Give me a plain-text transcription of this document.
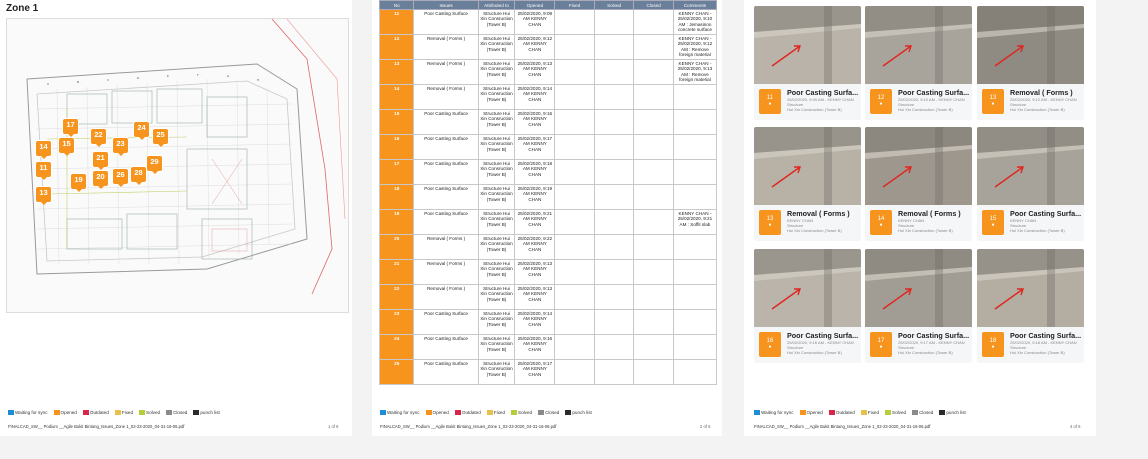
Zone 1
A	B	C	D	E	F	G
H
17
22
23
24
25
14	15
21	29
11
19	20	26	28
13
Waiting for sync	Opened	Outdated	Fixed	Solved	Closed	punch list
FINALCAD_SW__ Podium __Agile Bukit Bintang_Issues_Zone 1_02-23-2020_04-31-16-06.pdf	1 of 6
No	Issues	Attributed to	Opened	Fixed	Solved	Closed	Comments
11	Poor Casting Surface	Structure Hui Xin Consruction (Tower B)	25/02/2020, 9:09 AM KENNY CHAN				KENNY CHAN - 25/02/2020, 9:10 AM : Jemasinon concrete surface
12	Removal ( Forms )	Structure Hui Xin Consruction (Tower B)	25/02/2020, 9:12 AM KENNY CHAN				KENNY CHAN - 25/02/2020, 9:12 AM : Remove foreign material
13	Removal ( Forms )	Structure Hui Xin Consruction (Tower B)	25/02/2020, 9:13 AM KENNY CHAN				KENNY CHAN - 25/02/2020, 9:13 AM : Remove foreign material
14	Removal ( Forms )	Structure Hui Xin Consruction (Tower B)	25/02/2020, 9:14 AM KENNY CHAN				
15	Poor Casting Surface	Structure Hui Xin Consruction (Tower B)	25/02/2020, 9:16 AM KENNY CHAN				
16	Poor Casting Surface	Structure Hui Xin Consruction (Tower B)	25/02/2020, 9:17 AM KENNY CHAN				
17	Poor Casting Surface	Structure Hui Xin Consruction (Tower B)	25/02/2020, 9:18 AM KENNY CHAN				
18	Poor Casting Surface	Structure Hui Xin Consruction (Tower B)	25/02/2020, 9:19 AM KENNY CHAN				
19	Poor Casting Surface	Structure Hui Xin Consruction (Tower B)	25/02/2020, 9:21 AM KENNY CHAN				KENNY CHAN - 25/02/2020, 9:21 AM : Soffit slab
20	Removal ( Forms )	Structure Hui Xin Consruction (Tower B)	25/02/2020, 9:22 AM KENNY CHAN				
21	Removal ( Forms )	Structure Hui Xin Consruction (Tower B)	25/02/2020, 9:13 AM KENNY CHAN				
22	Removal ( Forms )	Structure Hui Xin Consruction (Tower B)	25/02/2020, 9:13 AM KENNY CHAN				
23	Poor Casting Surface	Structure Hui Xin Consruction (Tower B)	25/02/2020, 9:14 AM KENNY CHAN				
24	Poor Casting Surface	Structure Hui Xin Consruction (Tower B)	25/02/2020, 9:16 AM KENNY CHAN				
25	Poor Casting Surface	Structure Hui Xin Consruction (Tower B)	25/02/2020, 9:17 AM KENNY CHAN				
Waiting for sync	Opened	Outdated	Fixed	Solved	Closed	punch list
FINALCAD_SW__ Podium __Agile Bukit Bintang_Issues_Zone 1_02-23-2020_04-31-16-06.pdf	2 of 6
11
●
Poor Casting Surfa...
25/02/2020, 9:09 AM - KENNY CHAN
Structure
Hui Xin Construction (Tower B)
12
●
Poor Casting Surfa...
25/02/2020, 9:10 AM - KENNY CHAN
Structure
Hui Xin Construction (Tower B)
13
●
Removal ( Forms )
25/02/2020, 9:12 AM - KENNY CHAN
Structure
Hui Xin Construction (Tower B)
13
●
Removal ( Forms )
KENNY CHAN
Structure
Hui Xin Construction (Tower B)
14
●
Removal ( Forms )
KENNY CHAN
Structure
Hui Xin Construction (Tower B)
15
●
Poor Casting Surfa...
KENNY CHAN
Structure
Hui Xin Construction (Tower B)
16
●
Poor Casting Surfa...
25/02/2020, 9:16 AM - KENNY CHAN
Structure
Hui Xin Construction (Tower B)
17
●
Poor Casting Surfa...
25/02/2020, 9:17 AM - KENNY CHAN
Structure
Hui Xin Construction (Tower B)
18
●
Poor Casting Surfa...
25/02/2020, 9:18 AM - KENNY CHAN
Structure
Hui Xin Construction (Tower B)
Waiting for sync	Opened	Outdated	Fixed	Solved	Closed	punch list
FINALCAD_SW__ Podium __Agile Bukit Bintang_Issues_Zone 1_02-23-2020_04-31-16-06.pdf	4 of 6
